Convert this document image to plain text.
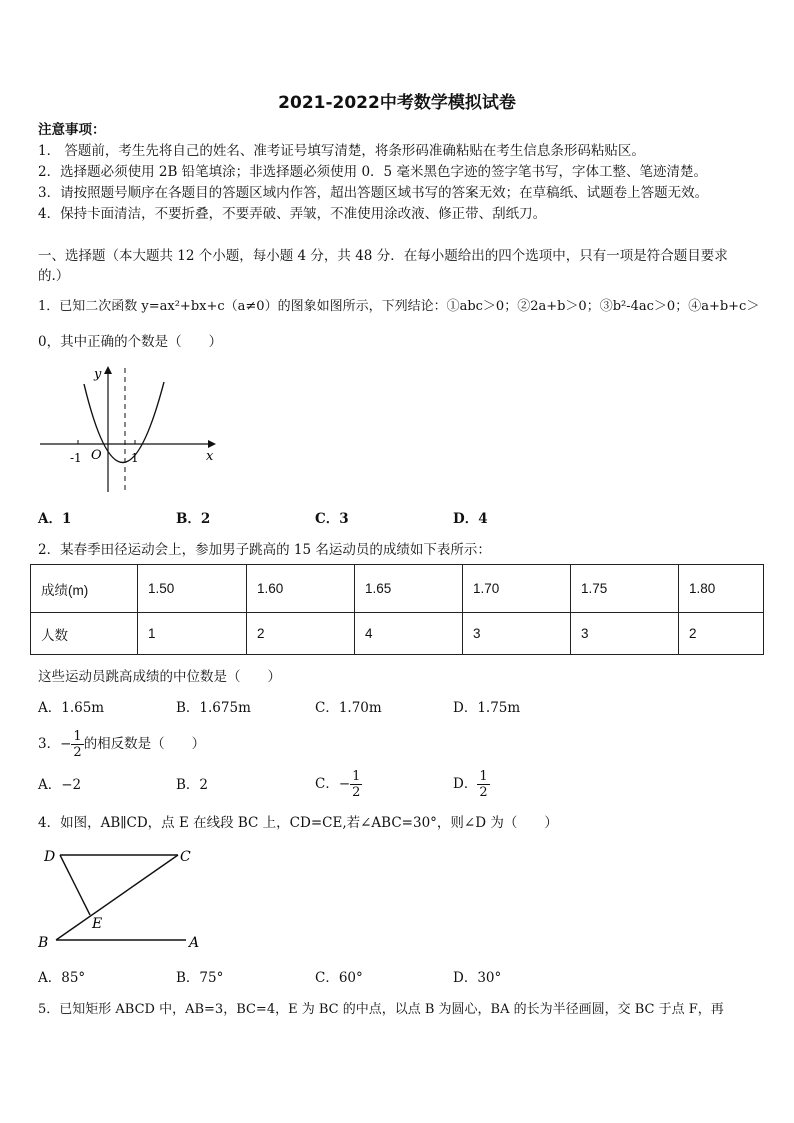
2021-2022中考数学模拟试卷
注意事项：
1． 答题前，考生先将自己的姓名、准考证号填写清楚，将条形码准确粘贴在考生信息条形码粘贴区。
2．选择题必须使用 2B 铅笔填涂；非选择题必须使用 0．5 毫米黑色字迹的签字笔书写，字体工整、笔迹清楚。
3．请按照题号顺序在各题目的答题区域内作答，超出答题区域书写的答案无效；在草稿纸、试题卷上答题无效。
4．保持卡面清洁，不要折叠，不要弄破、弄皱，不准使用涂改液、修正带、刮纸刀。
一、选择题（本大题共 12 个小题，每小题 4 分，共 48 分．在每小题给出的四个选项中，只有一项是符合题目要求
的.）
1．已知二次函数 y=ax²+bx+c（a≠0）的图象如图所示，下列结论：①abc＞0；②2a+b＞0；③b²-4ac＞0；④a+b+c＞
0，其中正确的个数是（　　）
y
x
-1 O 1
A．1	B．2	C．3	D．4
2．某春季田径运动会上，参加男子跳高的 15 名运动员的成绩如下表所示：
成绩(m)	1.50	1.60	1.65	1.70	1.75	1.80
人数	1	2	4	3	3	2
这些运动员跳高成绩的中位数是（　　）
A．1.65m	B．1.675m	C．1.70m	D．1.75m
3．− $\frac{1}{2}$ 的相反数是（　　）
A．−2	B．2	C．− $\frac{1}{2}$	D． $\frac{1}{2}$
4．如图，AB∥CD，点 E 在线段 BC 上，CD=CE,若∠ABC=30°，则∠D 为（　　）
D	C
E
B	A
A．85°	B．75°	C．60°	D．30°
5．已知矩形 ABCD 中，AB=3，BC=4，E 为 BC 的中点，以点 B 为圆心，BA 的长为半径画圆，交 BC 于点 F，再
